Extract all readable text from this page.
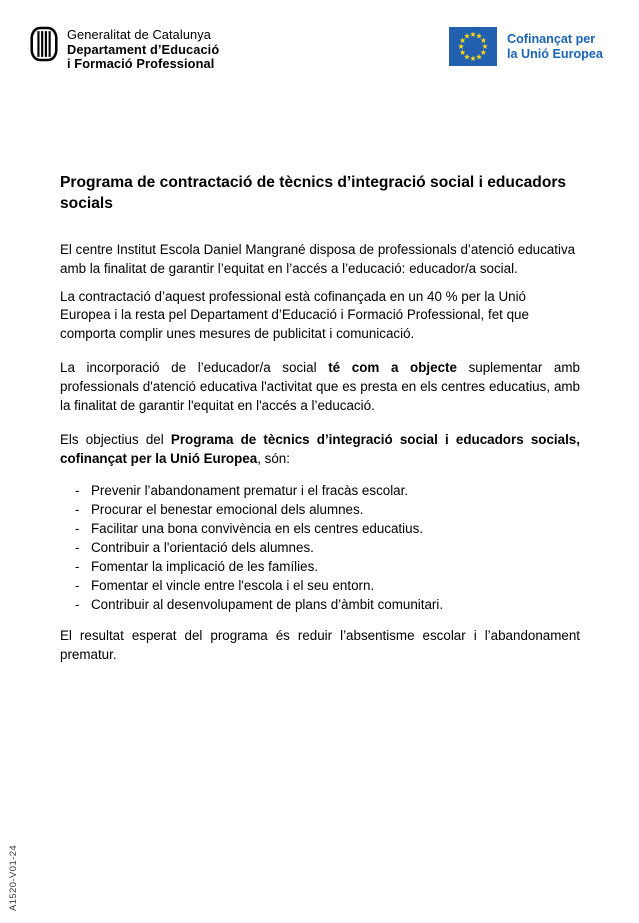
Generalitat de Catalunya
Departament d’Educació
i Formació Professional
Cofinançat per
la Unió Europea
Programa de contractació de tècnics d’integració social i educadors socials

El centre Institut Escola Daniel Mangrané disposa de professionals d’atenció educativa amb la finalitat de garantir l’equitat en l’accés a l’educació: educador/a social.

La contractació d’aquest professional està cofinançada en un 40 % per la Unió Europea i la resta pel Departament d’Educació i Formació Professional, fet que comporta complir unes mesures de publicitat i comunicació.

La incorporació de l’educador/a social té com a objecte suplementar amb professionals d'atenció educativa l'activitat que es presta en els centres educatius, amb la finalitat de garantir l'equitat en l'accés a l’educació.

Els objectius del Programa de tècnics d’integració social i educadors socials, cofinançat per la Unió Europea, són:

- Prevenir l’abandonament prematur i el fracàs escolar.
- Procurar el benestar emocional dels alumnes.
- Facilitar una bona convivència en els centres educatius.
- Contribuir a l'orientació dels alumnes.
- Fomentar la implicació de les famílies.
- Fomentar el vincle entre l'escola i el seu entorn.
- Contribuir al desenvolupament de plans d’àmbit comunitari.

El resultat esperat del programa és reduir l’absentisme escolar i l’abandonament prematur.

A1520-V01-24
